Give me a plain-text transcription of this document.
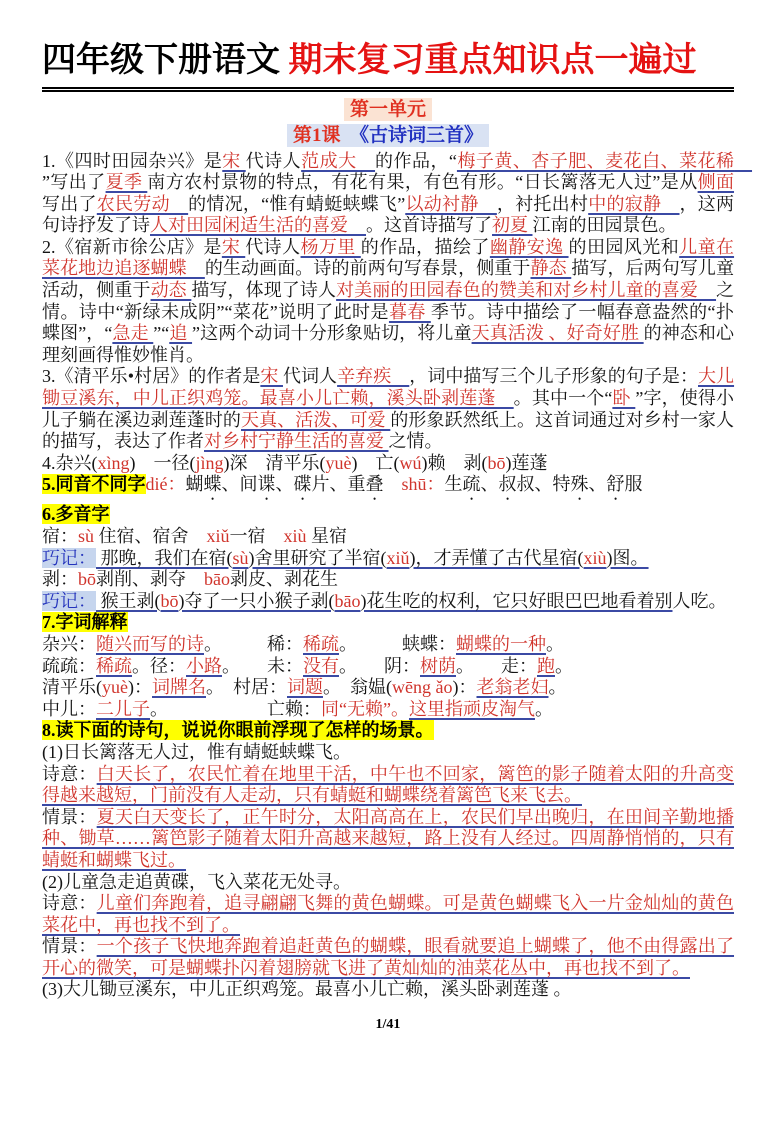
四年级下册语文 期末复习重点知识点一遍过
第一单元
第1课　《古诗词三首》

1.《四时田园杂兴》是宋 代诗人范成大　的作品，“梅子黄、杏子肥、麦花白、菜花稀　”写出了夏季 南方农村景物的特点，有花有果，有色有形。“日长篱落无人过”是从侧面 写出了农民劳动　的情况，“惟有蜻蜓蛱蝶飞”以动衬静　，衬托出村中的寂静　，这两句诗抒发了诗人对田园闲适生活的喜爱　。这首诗描写了初夏 江南的田园景色。

2.《宿新市徐公店》是宋 代诗人杨万里 的作品，描绘了幽静安逸 的田园风光和儿童在菜花地边追逐蝴蝶　的生动画面。诗的前两句写春景，侧重于静态 描写，后两句写儿童活动，侧重于动态 描写，体现了诗人对美丽的田园春色的赞美和对乡村儿童的喜爱　之情。诗中“新绿未成阴”“菜花”说明了此时是暮春 季节。诗中描绘了一幅春意盎然的“扑蝶图”，“急走 ”“追 ”这两个动词十分形象贴切，将儿童天真活泼 、好奇好胜 的神态和心理刻画得惟妙惟肖。

3.《清平乐•村居》的作者是宋 代词人辛弃疾　，词中描写三个儿子形象的句子是：大儿锄豆溪东，中儿正织鸡笼。最喜小儿亡赖，溪头卧剥莲蓬　。其中一个“卧 ”字，使得小儿子躺在溪边剥莲蓬时的天真、活泼、可爱 的形象跃然纸上。这首词通过对乡村一家人的描写，表达了作者对乡村宁静生活的喜爱 之情。

4.杂兴(xìng)　一径(jìng)深　清平乐(yuè)　亡(wú)赖　剥(bō)莲蓬

5.同音不同字dié：蝴蝶、间谍、碟片、重叠　 shū：生疏、叔叔、特殊、舒服

6.多音字

宿：sù 住宿、宿舍　xiǔ一宿　xiù 星宿

巧记： 那晚，我们在宿(sù)舍里研究了半宿(xiǔ)，才弄懂了古代星宿(xiù)图。

剥：bō剥削、剥夺　bāo剥皮、剥花生

巧记： 猴王剥(bō)夺了一只小猴子剥(bāo)花生吃的权利，它只好眼巴巴地看着别人吃。

7.字词解释

杂兴：随兴而写的诗。　　　稀：稀疏。　　　蛱蝶：蝴蝶的一种。

疏疏：稀疏。径：小路。　　未：没有。　　阴：树荫。　　走：跑。

清平乐(yuè)：词牌名。　村居：词题。　翁媪(wēng ǎo)：老翁老妇。

中儿：二儿子。　　　　　　亡赖：同“无赖”。这里指顽皮淘气。

8.读下面的诗句，说说你眼前浮现了怎样的场景。

(1)日长篱落无人过，惟有蜻蜓蛱蝶飞。

诗意：白天长了，农民忙着在地里干活，中午也不回家，篱笆的影子随着太阳的升高变得越来越短，门前没有人走动，只有蜻蜓和蝴蝶绕着篱笆飞来飞去。

情景：夏天白天变长了，正午时分，太阳高高在上，农民们早出晚归，在田间辛勤地播种、锄草……篱笆影子随着太阳升高越来越短，路上没有人经过。四周静悄悄的，只有蜻蜓和蝴蝶飞过。

(2)儿童急走追黄碟，飞入菜花无处寻。

诗意：儿童们奔跑着，追寻翩翩飞舞的黄色蝴蝶。可是黄色蝴蝶飞入一片金灿灿的黄色菜花中，再也找不到了。

情景：一个孩子飞快地奔跑着追赶黄色的蝴蝶，眼看就要追上蝴蝶了，他不由得露出了开心的微笑，可是蝴蝶扑闪着翅膀就飞进了黄灿灿的油菜花丛中，再也找不到了。

(3)大儿锄豆溪东，中儿正织鸡笼。最喜小儿亡赖，溪头卧剥莲蓬 。

1/41
